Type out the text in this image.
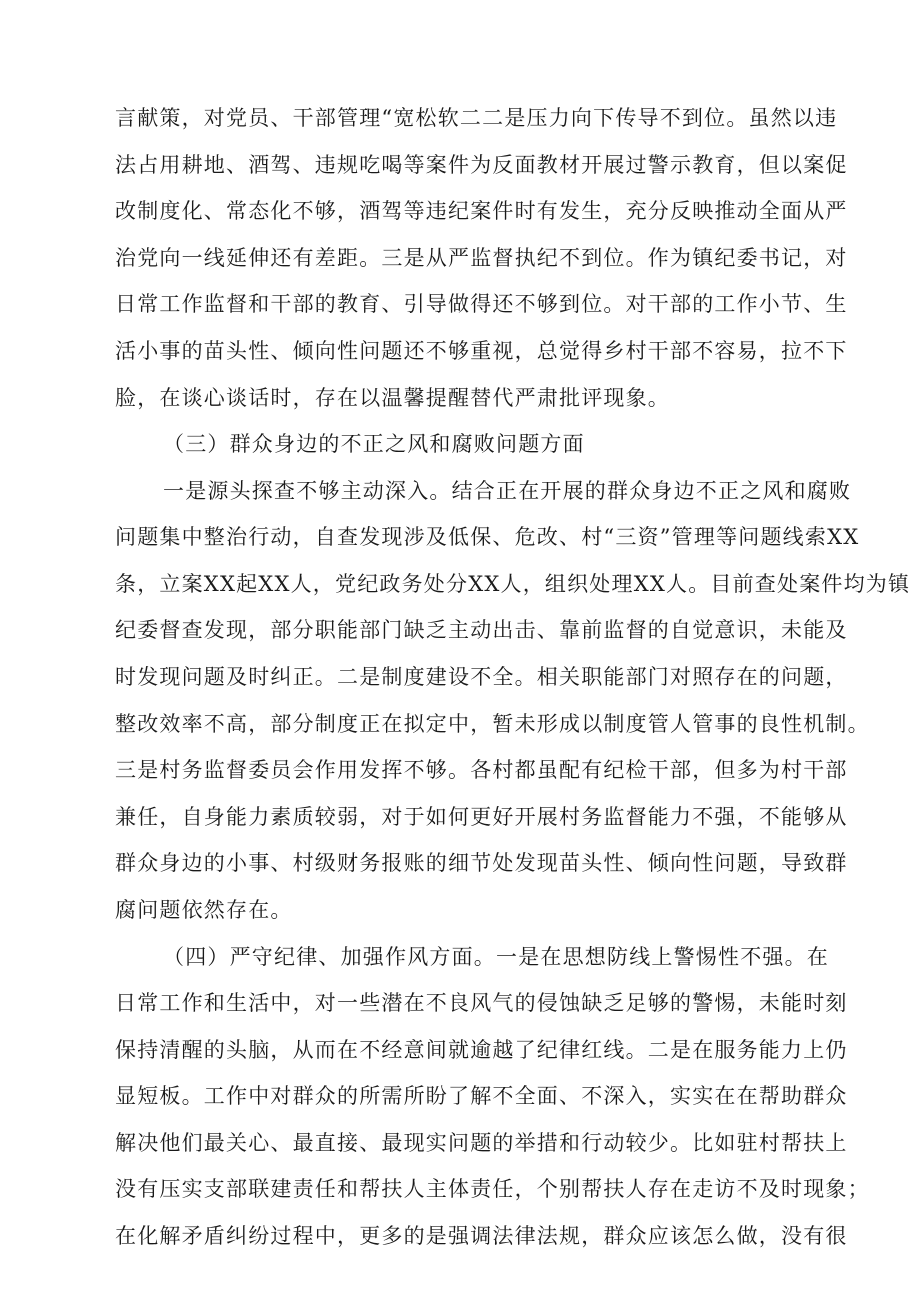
言献策，对党员、干部管理“宽松软二二是压力向下传导不到位。虽然以违
法占用耕地、酒驾、违规吃喝等案件为反面教材开展过警示教育，但以案促
改制度化、常态化不够，酒驾等违纪案件时有发生，充分反映推动全面从严
治党向一线延伸还有差距。三是从严监督执纪不到位。作为镇纪委书记，对
日常工作监督和干部的教育、引导做得还不够到位。对干部的工作小节、生
活小事的苗头性、倾向性问题还不够重视，总觉得乡村干部不容易，拉不下
脸，在谈心谈话时，存在以温馨提醒替代严肃批评现象。
（三）群众身边的不正之风和腐败问题方面
一是源头探查不够主动深入。结合正在开展的群众身边不正之风和腐败
问题集中整治行动，自查发现涉及低保、危改、村“三资”管理等问题线索XX
条，立案XX起XX人，党纪政务处分XX人，组织处理XX人。目前查处案件均为镇
纪委督查发现，部分职能部门缺乏主动出击、靠前监督的自觉意识，未能及
时发现问题及时纠正。二是制度建设不全。相关职能部门对照存在的问题，
整改效率不高，部分制度正在拟定中，暂未形成以制度管人管事的良性机制。
三是村务监督委员会作用发挥不够。各村都虽配有纪检干部，但多为村干部
兼任，自身能力素质较弱，对于如何更好开展村务监督能力不强，不能够从
群众身边的小事、村级财务报账的细节处发现苗头性、倾向性问题，导致群
腐问题依然存在。
（四）严守纪律、加强作风方面。一是在思想防线上警惕性不强。在
日常工作和生活中，对一些潜在不良风气的侵蚀缺乏足够的警惕，未能时刻
保持清醒的头脑，从而在不经意间就逾越了纪律红线。二是在服务能力上仍
显短板。工作中对群众的所需所盼了解不全面、不深入，实实在在帮助群众
解决他们最关心、最直接、最现实问题的举措和行动较少。比如驻村帮扶上
没有压实支部联建责任和帮扶人主体责任，个别帮扶人存在走访不及时现象；
在化解矛盾纠纷过程中，更多的是强调法律法规，群众应该怎么做，没有很
